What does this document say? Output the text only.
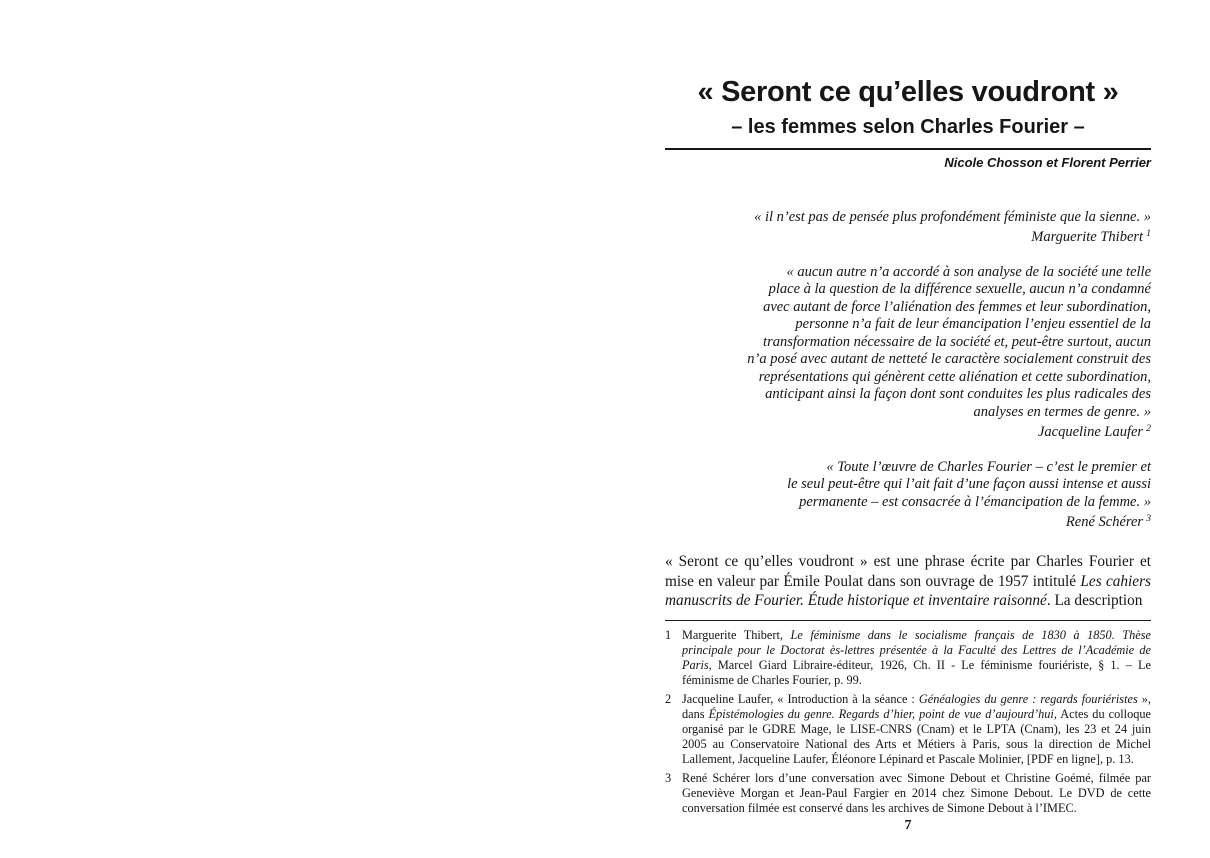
« Seront ce qu’elles voudront »
– les femmes selon Charles Fourier –
Nicole Chosson et Florent Perrier
« il n’est pas de pensée plus profondément féministe que la sienne. »
Marguerite Thibert $^1$
« aucun autre n’a accordé à son analyse de la société une telle
place à la question de la différence sexuelle, aucun n’a condamné
avec autant de force l’aliénation des femmes et leur subordination,
personne n’a fait de leur émancipation l’enjeu essentiel de la
transformation nécessaire de la société et, peut-être surtout, aucun
n’a posé avec autant de netteté le caractère socialement construit des
représentations qui génèrent cette aliénation et cette subordination,
anticipant ainsi la façon dont sont conduites les plus radicales des
analyses en termes de genre. »
Jacqueline Laufer $^2$
« Toute l’œuvre de Charles Fourier – c’est le premier et
le seul peut-être qui l’ait fait d’une façon aussi intense et aussi
permanente – est consacrée à l’émancipation de la femme. »
René Schérer $^3$

« Seront ce qu’elles voudront » est une phrase écrite par Charles Fourier et mise en valeur par Émile Poulat dans son ouvrage de 1957 intitulé Les cahiers manuscrits de Fourier. Étude historique et inventaire raisonné. La description

1 Marguerite Thibert, Le féminisme dans le socialisme français de 1830 à 1850. Thèse principale pour le Doctorat ès-lettres présentée à la Faculté des Lettres de l’Académie de Paris, Marcel Giard Libraire-éditeur, 1926, Ch. II - Le féminisme fouriériste, § 1. – Le féminisme de Charles Fourier, p. 99.
2 Jacqueline Laufer, « Introduction à la séance : Généalogies du genre : regards fouriéristes », dans Épistémologies du genre. Regards d’hier, point de vue d’aujourd’hui, Actes du colloque organisé par le GDRE Mage, le LISE-CNRS (Cnam) et le LPTA (Cnam), les 23 et 24 juin 2005 au Conservatoire National des Arts et Métiers à Paris, sous la direction de Michel Lallement, Jacqueline Laufer, Éléonore Lépinard et Pascale Molinier, [PDF en ligne], p. 13.
3 René Schérer lors d’une conversation avec Simone Debout et Christine Goémé, filmée par Geneviève Morgan et Jean-Paul Fargier en 2014 chez Simone Debout. Le DVD de cette conversation filmée est conservé dans les archives de Simone Debout à l’IMEC.
7
